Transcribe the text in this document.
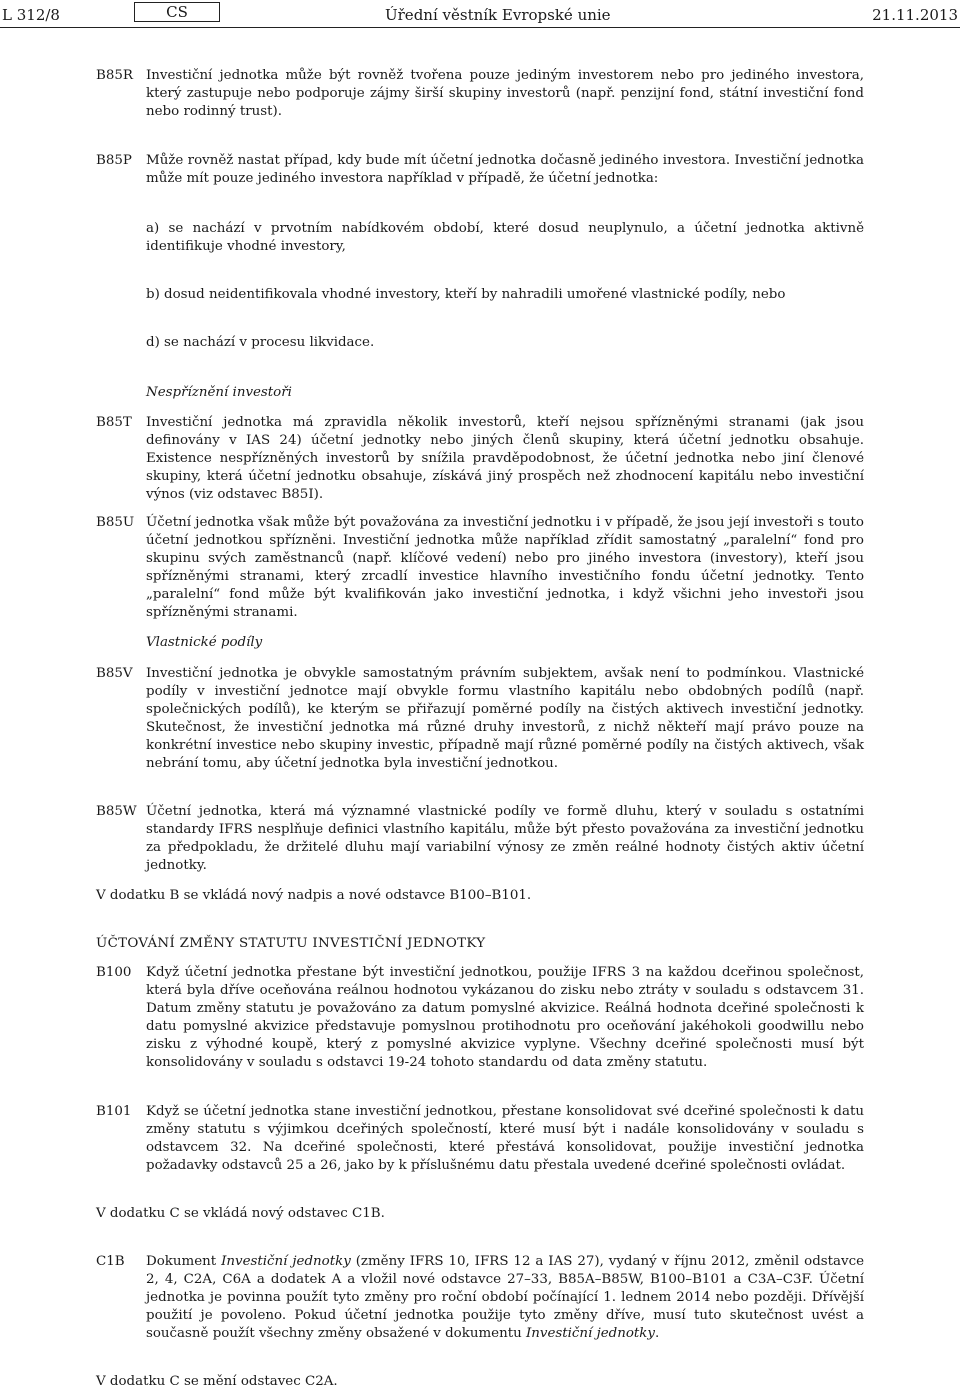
L 312/8	CS	Úřední věstník Evropské unie	21.11.2013
B85R Investiční jednotka může být rovněž tvořena pouze jediným investorem nebo pro jediného investora, který zastupuje nebo podporuje zájmy širší skupiny investorů (např. penzijní fond, státní investiční fond nebo rodinný trust).
B85P Může rovněž nastat případ, kdy bude mít účetní jednotka dočasně jediného investora. Investiční jednotka může mít pouze jediného investora například v případě, že účetní jednotka:
a) se nachází v prvotním nabídkovém období, které dosud neuplynulo, a účetní jednotka aktivně identifikuje vhodné investory,
b) dosud neidentifikovala vhodné investory, kteří by nahradili umořené vlastnické podíly, nebo
d) se nachází v procesu likvidace.
Nespříznění investoři
B85T Investiční jednotka má zpravidla několik investorů, kteří nejsou spřízněnými stranami (jak jsou definovány v IAS 24) účetní jednotky nebo jiných členů skupiny, která účetní jednotku obsahuje. Existence nespřízněných investorů by snížila pravděpodobnost, že účetní jednotka nebo jiní členové skupiny, která účetní jednotku obsahuje, získává jiný prospěch než zhodnocení kapitálu nebo investiční výnos (viz odstavec B85I).
B85U Účetní jednotka však může být považována za investiční jednotku i v případě, že jsou její investoři s touto účetní jednotkou spřízněni. Investiční jednotka může například zřídit samostatný „paralelní“ fond pro skupinu svých zaměstnanců (např. klíčové vedení) nebo pro jiného investora (investory), kteří jsou spřízněnými stranami, který zrcadlí investice hlavního investičního fondu účetní jednotky. Tento „paralelní“ fond může být kvalifikován jako investiční jednotka, i když všichni jeho investoři jsou spřízněnými stranami.
Vlastnické podíly
B85V Investiční jednotka je obvykle samostatným právním subjektem, avšak není to podmínkou. Vlastnické podíly v investiční jednotce mají obvykle formu vlastního kapitálu nebo obdobných podílů (např. společnických podílů), ke kterým se přiřazují poměrné podíly na čistých aktivech investiční jednotky. Skutečnost, že investiční jednotka má různé druhy investorů, z nichž někteří mají právo pouze na konkrétní investice nebo skupiny investic, případně mají různé poměrné podíly na čistých aktivech, však nebrání tomu, aby účetní jednotka byla investiční jednotkou.
B85W Účetní jednotka, která má významné vlastnické podíly ve formě dluhu, který v souladu s ostatními standardy IFRS nesplňuje definici vlastního kapitálu, může být přesto považována za investiční jednotku za předpokladu, že držitelé dluhu mají variabilní výnosy ze změn reálné hodnoty čistých aktiv účetní jednotky.
V dodatku B se vkládá nový nadpis a nové odstavce B100–B101.
ÚČTOVÁNÍ ZMĚNY STATUTU INVESTIČNÍ JEDNOTKY
B100 Když účetní jednotka přestane být investiční jednotkou, použije IFRS 3 na každou dceřinou společnost, která byla dříve oceňována reálnou hodnotou vykázanou do zisku nebo ztráty v souladu s odstavcem 31. Datum změny statutu je považováno za datum pomyslné akvizice. Reálná hodnota dceřiné společnosti k datu pomyslné akvizice představuje pomyslnou protihodnotu pro oceňování jakéhokoli goodwillu nebo zisku z výhodné koupě, který z pomyslné akvizice vyplyne. Všechny dceřiné společnosti musí být konsolidovány v souladu s odstavci 19-24 tohoto standardu od data změny statutu.
B101 Když se účetní jednotka stane investiční jednotkou, přestane konsolidovat své dceřiné společnosti k datu změny statutu s výjimkou dceřiných společností, které musí být i nadále konsolidovány v souladu s odstavcem 32. Na dceřiné společnosti, které přestává konsolidovat, použije investiční jednotka požadavky odstavců 25 a 26, jako by k příslušnému datu přestala uvedené dceřiné společnosti ovládat.
V dodatku C se vkládá nový odstavec C1B.
C1B Dokument Investiční jednotky (změny IFRS 10, IFRS 12 a IAS 27), vydaný v říjnu 2012, změnil odstavce 2, 4, C2A, C6A a dodatek A a vložil nové odstavce 27–33, B85A–B85W, B100–B101 a C3A–C3F. Účetní jednotka je povinna použít tyto změny pro roční období počínající 1. lednem 2014 nebo později. Dřívější použití je povoleno. Pokud účetní jednotka použije tyto změny dříve, musí tuto skutečnost uvést a současně použít všechny změny obsažené v dokumentu Investiční jednotky.
V dodatku C se mění odstavec C2A.
